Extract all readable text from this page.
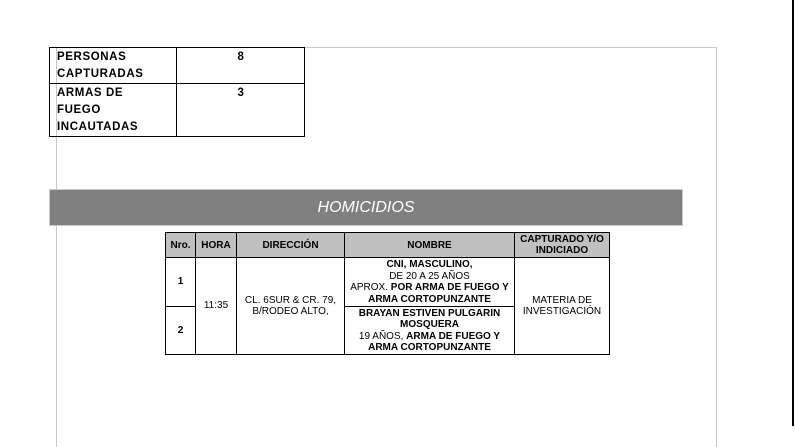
PERSONAS CAPTURADAS	8
ARMAS DE FUEGO INCAUTADAS	3
HOMICIDIOS
Nro.	HORA	DIRECCIÓN	NOMBRE	CAPTURADO Y/O INDICIADO
1	11:35	CL. 6SUR & CR. 79, B/RODEO ALTO,	CNI, MASCULINO,
DE 20 A 25 AÑOS
APROX. POR ARMA DE FUEGO Y ARMA CORTOPUNZANTE	MATERIA DE INVESTIGACIÓN
2			BRAYAN ESTIVEN PULGARIN MOSQUERA
19 AÑOS, ARMA DE FUEGO Y ARMA CORTOPUNZANTE	
